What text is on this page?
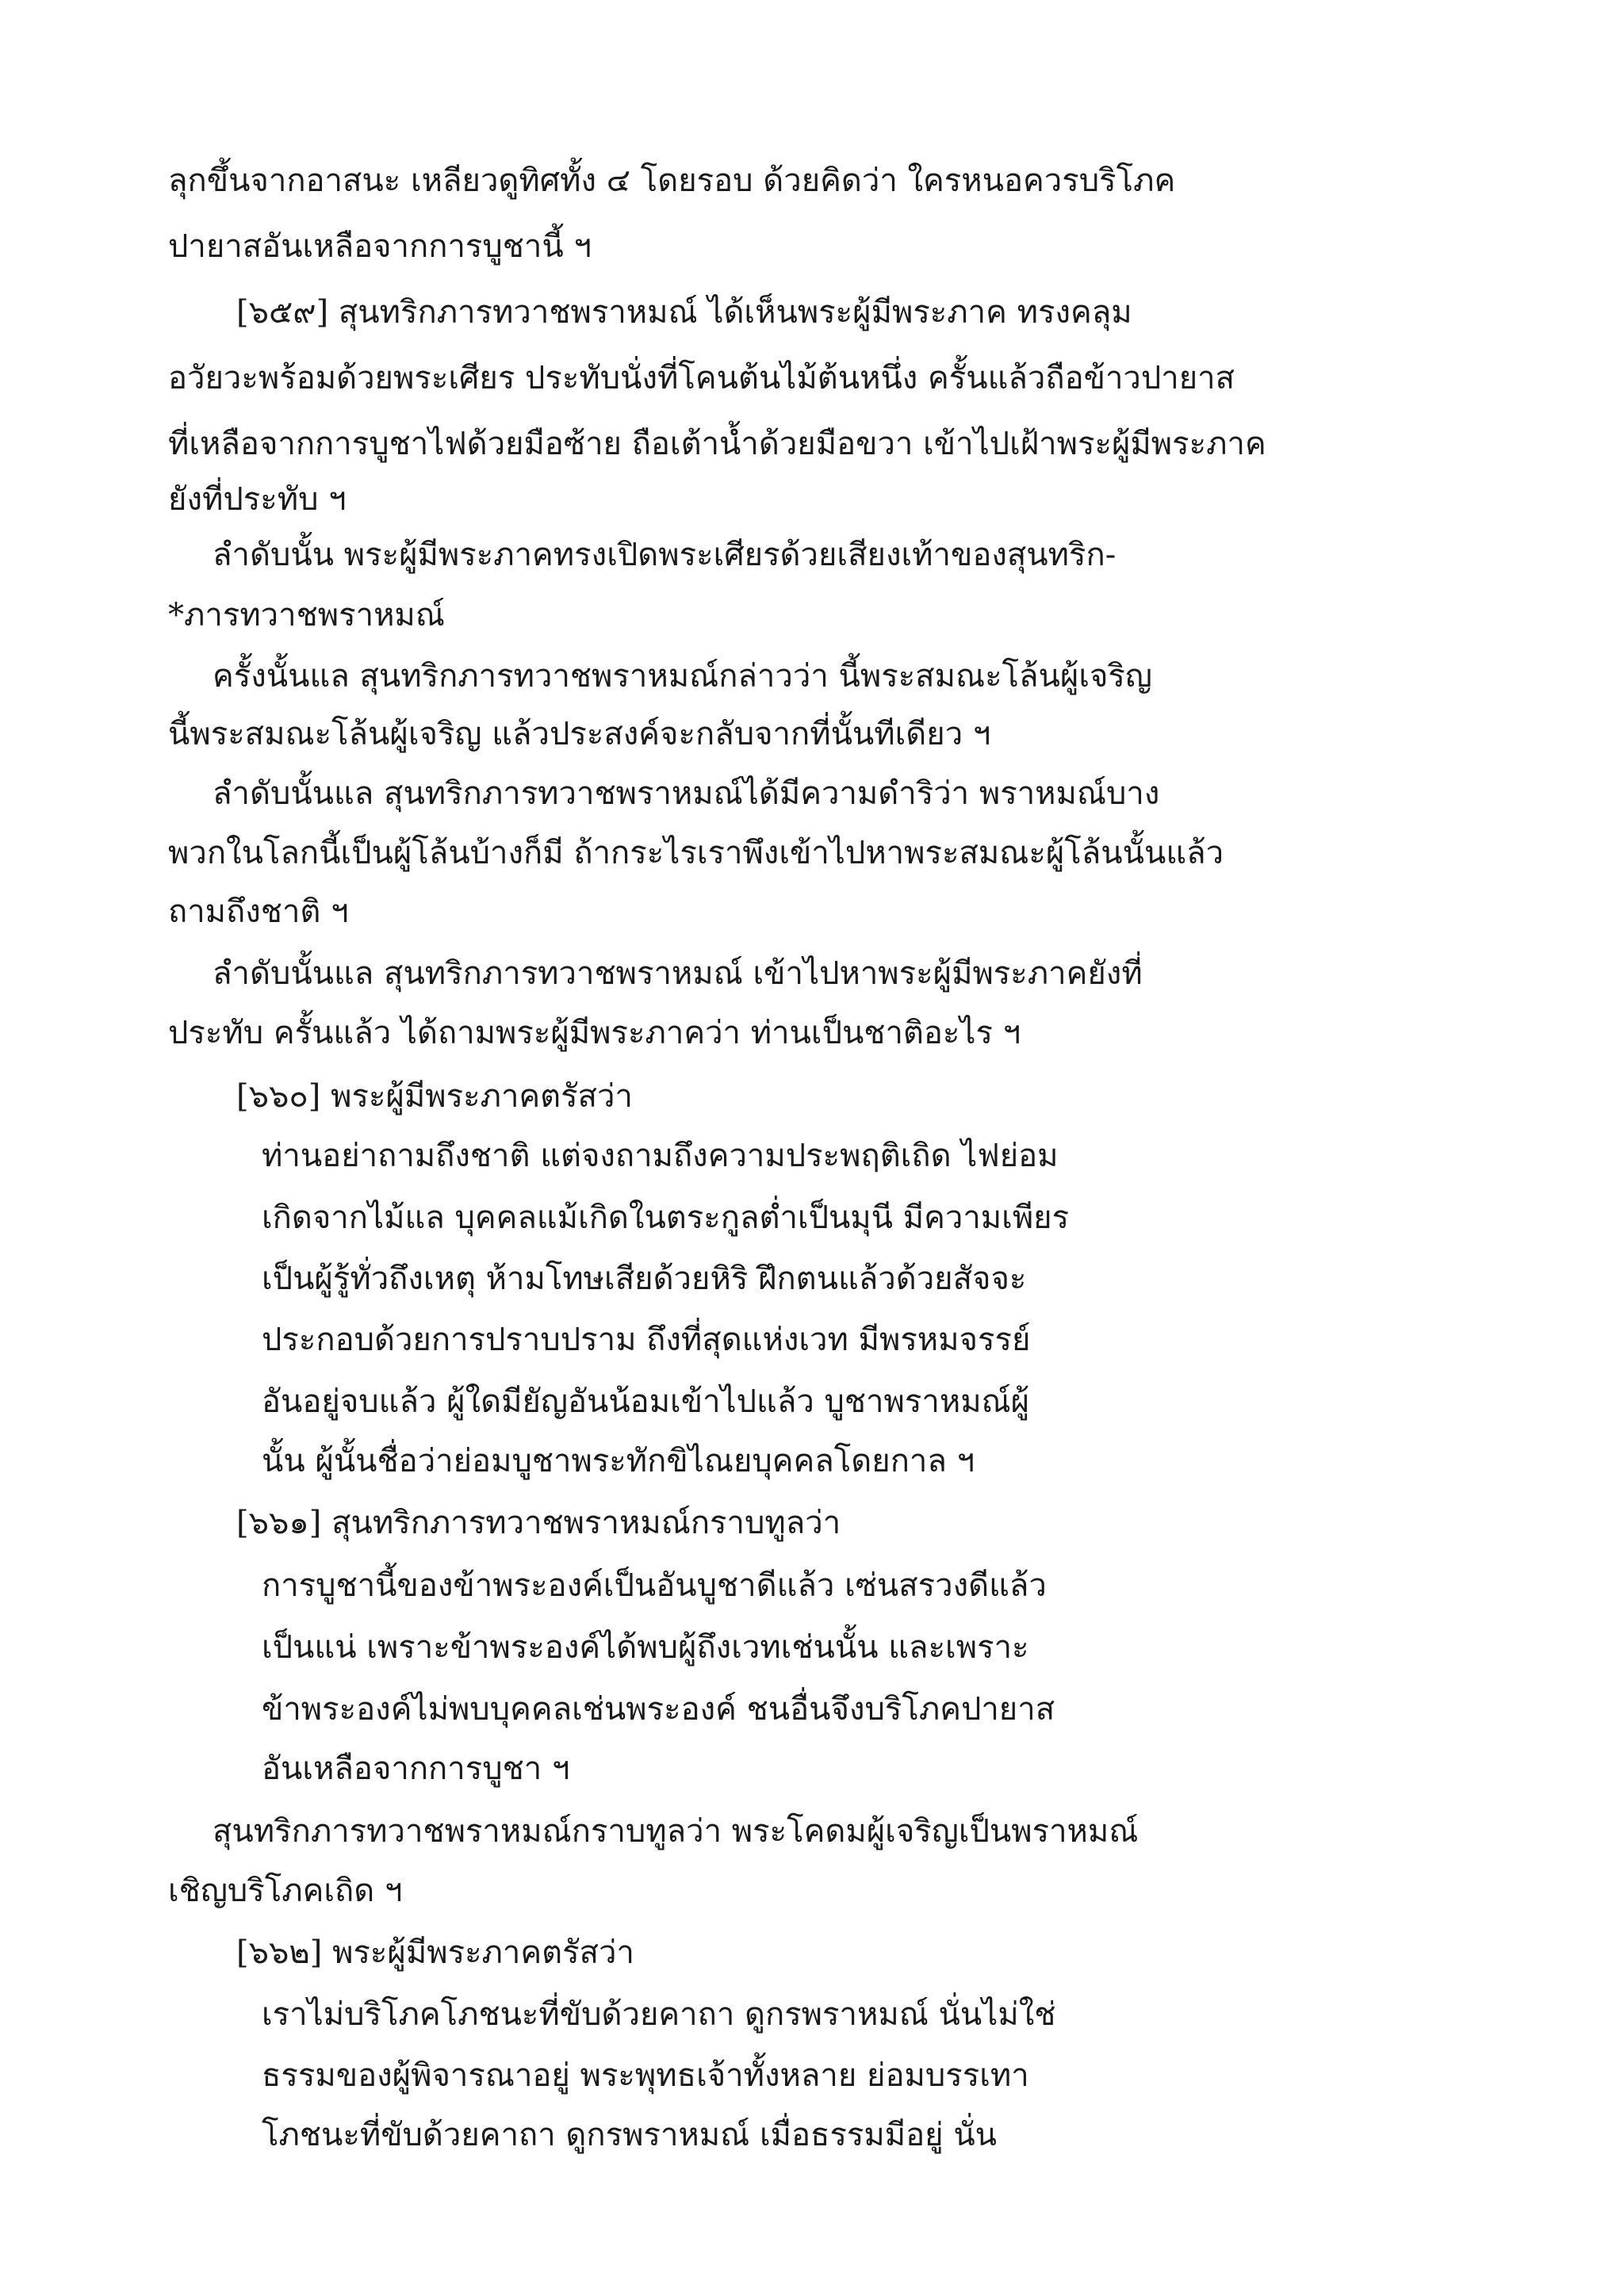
ลุกขึ้นจากอาสนะ เหลียวดูทิศทั้ง ๔ โดยรอบ ด้วยคิดว่า ใครหนอควรบริโภค
ปายาสอันเหลือจากการบูชานี้ ฯ
[๖๕๙] สุนทริกภารทวาชพราหมณ์ ได้เห็นพระผู้มีพระภาค ทรงคลุม
อวัยวะพร้อมด้วยพระเศียร ประทับนั่งที่โคนต้นไม้ต้นหนึ่ง ครั้นแล้วถือข้าวปายาส
ที่เหลือจากการบูชาไฟด้วยมือซ้าย ถือเต้าน้ำด้วยมือขวา เข้าไปเฝ้าพระผู้มีพระภาค
ยังที่ประทับ ฯ
ลำดับนั้น พระผู้มีพระภาคทรงเปิดพระเศียรด้วยเสียงเท้าของสุนทริก-
*ภารทวาชพราหมณ์
ครั้งนั้นแล สุนทริกภารทวาชพราหมณ์กล่าวว่า นี้พระสมณะโล้นผู้เจริญ
นี้พระสมณะโล้นผู้เจริญ แล้วประสงค์จะกลับจากที่นั้นทีเดียว ฯ
ลำดับนั้นแล สุนทริกภารทวาชพราหมณ์ได้มีความดำริว่า พราหมณ์บาง
พวกในโลกนี้เป็นผู้โล้นบ้างก็มี ถ้ากระไรเราพึงเข้าไปหาพระสมณะผู้โล้นนั้นแล้ว
ถามถึงชาติ ฯ
ลำดับนั้นแล สุนทริกภารทวาชพราหมณ์ เข้าไปหาพระผู้มีพระภาคยังที่
ประทับ ครั้นแล้ว ได้ถามพระผู้มีพระภาคว่า ท่านเป็นชาติอะไร ฯ
[๖๖๐] พระผู้มีพระภาคตรัสว่า
ท่านอย่าถามถึงชาติ แต่จงถามถึงความประพฤติเถิด ไฟย่อม
เกิดจากไม้แล บุคคลแม้เกิดในตระกูลต่ำเป็นมุนี มีความเพียร
เป็นผู้รู้ทั่วถึงเหตุ ห้ามโทษเสียด้วยหิริ ฝึกตนแล้วด้วยสัจจะ
ประกอบด้วยการปราบปราม ถึงที่สุดแห่งเวท มีพรหมจรรย์
อันอยู่จบแล้ว ผู้ใดมียัญอันน้อมเข้าไปแล้ว บูชาพราหมณ์ผู้
นั้น ผู้นั้นชื่อว่าย่อมบูชาพระทักขิไณยบุคคลโดยกาล ฯ
[๖๖๑] สุนทริกภารทวาชพราหมณ์กราบทูลว่า
การบูชานี้ของข้าพระองค์เป็นอันบูชาดีแล้ว เซ่นสรวงดีแล้ว
เป็นแน่ เพราะข้าพระองค์ได้พบผู้ถึงเวทเช่นนั้น และเพราะ
ข้าพระองค์ไม่พบบุคคลเช่นพระองค์ ชนอื่นจึงบริโภคปายาส
อันเหลือจากการบูชา ฯ
สุนทริกภารทวาชพราหมณ์กราบทูลว่า พระโคดมผู้เจริญเป็นพราหมณ์
เชิญบริโภคเถิด ฯ
[๖๖๒] พระผู้มีพระภาคตรัสว่า
เราไม่บริโภคโภชนะที่ขับด้วยคาถา ดูกรพราหมณ์ นั่นไม่ใช่
ธรรมของผู้พิจารณาอยู่ พระพุทธเจ้าทั้งหลาย ย่อมบรรเทา
โภชนะที่ขับด้วยคาถา ดูกรพราหมณ์ เมื่อธรรมมีอยู่ นั่น
